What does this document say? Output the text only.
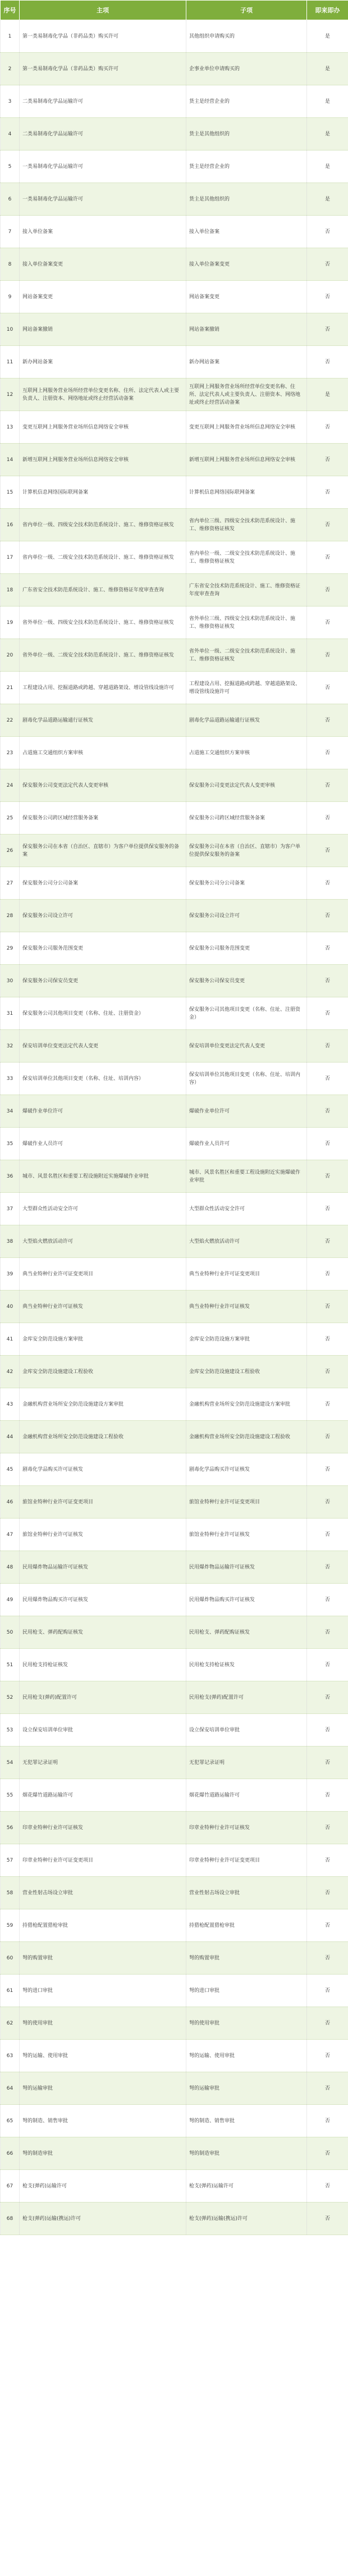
序号	主项	子项	即来即办
1	第一类易制毒化学品（非药品类）购买许可	其他组织申请购买的	是
2	第一类易制毒化学品（非药品类）购买许可	企事业单位申请购买的	是
3	二类易制毒化学品运输许可	货主是经营企业的	是
4	二类易制毒化学品运输许可	货主是其他组织的	是
5	一类易制毒化学品运输许可	货主是经营企业的	是
6	一类易制毒化学品运输许可	货主是其他组织的	是
7	接入单位备案	接入单位备案	否
8	接入单位备案变更	接入单位备案变更	否
9	网站备案变更	网站备案变更	否
10	网站备案撤销	网站备案撤销	否
11	新办网站备案	新办网站备案	否
12	互联网上网服务营业场所经营单位变更名称、住所、法定代表人或主要负责人、注册资本、网络地址或终止经营活动备案	互联网上网服务营业场所经营单位变更名称、住所、法定代表人或主要负责人、注册资本、网络地址或终止经营活动备案	是
13	变更互联网上网服务营业场所信息网络安全审核	变更互联网上网服务营业场所信息网络安全审核	否
14	新增互联网上网服务营业场所信息网络安全审核	新增互联网上网服务营业场所信息网络安全审核	否
15	计算机信息网络国际联网备案	计算机信息网络国际联网备案	否
16	省内单位一级、四级安全技术防范系统设计、施工、维修资格证核发	省内单位三级、四级安全技术防范系统设计、施工、维修资格证核发	否
17	省内单位一级、二级安全技术防范系统设计、施工、维修资格证核发	省内单位一级、二级安全技术防范系统设计、施工、维修资格证核发	否
18	广东省安全技术防范系统设计、施工、维修资格证年度审查查询	广东省安全技术防范系统设计、施工、维修资格证年度审查查询	否
19	省外单位一级、四级安全技术防范系统设计、施工、维修资格证核发	省外单位三级、四级安全技术防范系统设计、施工、维修资格证核发	否
20	省外单位一级、二级安全技术防范系统设计、施工、维修资格证核发	省外单位一级、二级安全技术防范系统设计、施工、维修资格证核发	否
21	工程建设占用、挖掘道路或跨越、穿越道路架设、增设管线设施许可	工程建设占用、挖掘道路或跨越、穿越道路架设、增设管线设施许可	否
22	剧毒化学品道路运输通行证核发	剧毒化学品道路运输通行证核发	否
23	占道施工交通组织方案审核	占道施工交通组织方案审核	否
24	保安服务公司变更法定代表人变更审核	保安服务公司变更法定代表人变更审核	否
25	保安服务公司跨区域经营服务备案	保安服务公司跨区域经营服务备案	否
26	保安服务公司在本省（自治区、直辖市）为客户单位提供保安服务的备案	保安服务公司在本省（自治区、直辖市）为客户单位提供保安服务的备案	否
27	保安服务公司分公司备案	保安服务公司分公司备案	否
28	保安服务公司设立许可	保安服务公司设立许可	否
29	保安服务公司服务范围变更	保安服务公司服务范围变更	否
30	保安服务公司保安员变更	保安服务公司保安员变更	否
31	保安服务公司其他项目变更（名称、住址、注册资金）	保安服务公司其他项目变更（名称、住址、注册资金）	否
32	保安培训单位变更法定代表人变更	保安培训单位变更法定代表人变更	否
33	保安培训单位其他项目变更（名称、住址、培训内容）	保安培训单位其他项目变更（名称、住址、培训内容）	否
34	爆破作业单位许可	爆破作业单位许可	否
35	爆破作业人员许可	爆破作业人员许可	否
36	城市、风景名胜区和重要工程设施附近实施爆破作业审批	城市、风景名胜区和重要工程设施附近实施爆破作业审批	否
37	大型群众性活动安全许可	大型群众性活动安全许可	否
38	大型焰火燃放活动许可	大型焰火燃放活动许可	否
39	典当业特种行业许可证变更项目	典当业特种行业许可证变更项目	否
40	典当业特种行业许可证核发	典当业特种行业许可证核发	否
41	金库安全防范设施方案审批	金库安全防范设施方案审批	否
42	金库安全防范设施建设工程验收	金库安全防范设施建设工程验收	否
43	金融机构营业场所安全防范设施建设方案审批	金融机构营业场所安全防范设施建设方案审批	否
44	金融机构营业场所安全防范设施建设工程验收	金融机构营业场所安全防范设施建设工程验收	否
45	剧毒化学品购买许可证核发	剧毒化学品购买许可证核发	否
46	旅馆业特种行业许可证变更项目	旅馆业特种行业许可证变更项目	否
47	旅馆业特种行业许可证核发	旅馆业特种行业许可证核发	否
48	民用爆炸物品运输许可证核发	民用爆炸物品运输许可证核发	否
49	民用爆炸物品购买许可证核发	民用爆炸物品购买许可证核发	否
50	民用枪支、弹药配购证核发	民用枪支、弹药配购证核发	否
51	民用枪支持枪证核发	民用枪支持枪证核发	否
52	民用枪支(弹药)配置许可	民用枪支(弹药)配置许可	否
53	设立保安培训单位审批	设立保安培训单位审批	否
54	无犯罪记录证明	无犯罪记录证明	否
55	烟花爆竹道路运输许可	烟花爆竹道路运输许可	否
56	印章业特种行业许可证核发	印章业特种行业许可证核发	否
57	印章业特种行业许可证变更项目	印章业特种行业许可证变更项目	否
58	营业性射击场设立审批	营业性射击场设立审批	否
59	持猎枪配置猎枪审批	持猎枪配置猎枪审批	否
60	弩的购置审批	弩的购置审批	否
61	弩的进口审批	弩的进口审批	否
62	弩的使用审批	弩的使用审批	否
63	弩的运输、使用审批	弩的运输、使用审批	否
64	弩的运输审批	弩的运输审批	否
65	弩的制造、销售审批	弩的制造、销售审批	否
66	弩的制造审批	弩的制造审批	否
67	枪支(弹药)运输许可	枪支(弹药)运输许可	否
68	枪支(弹药)运输(携运)许可	枪支(弹药)运输(携运)许可	否
